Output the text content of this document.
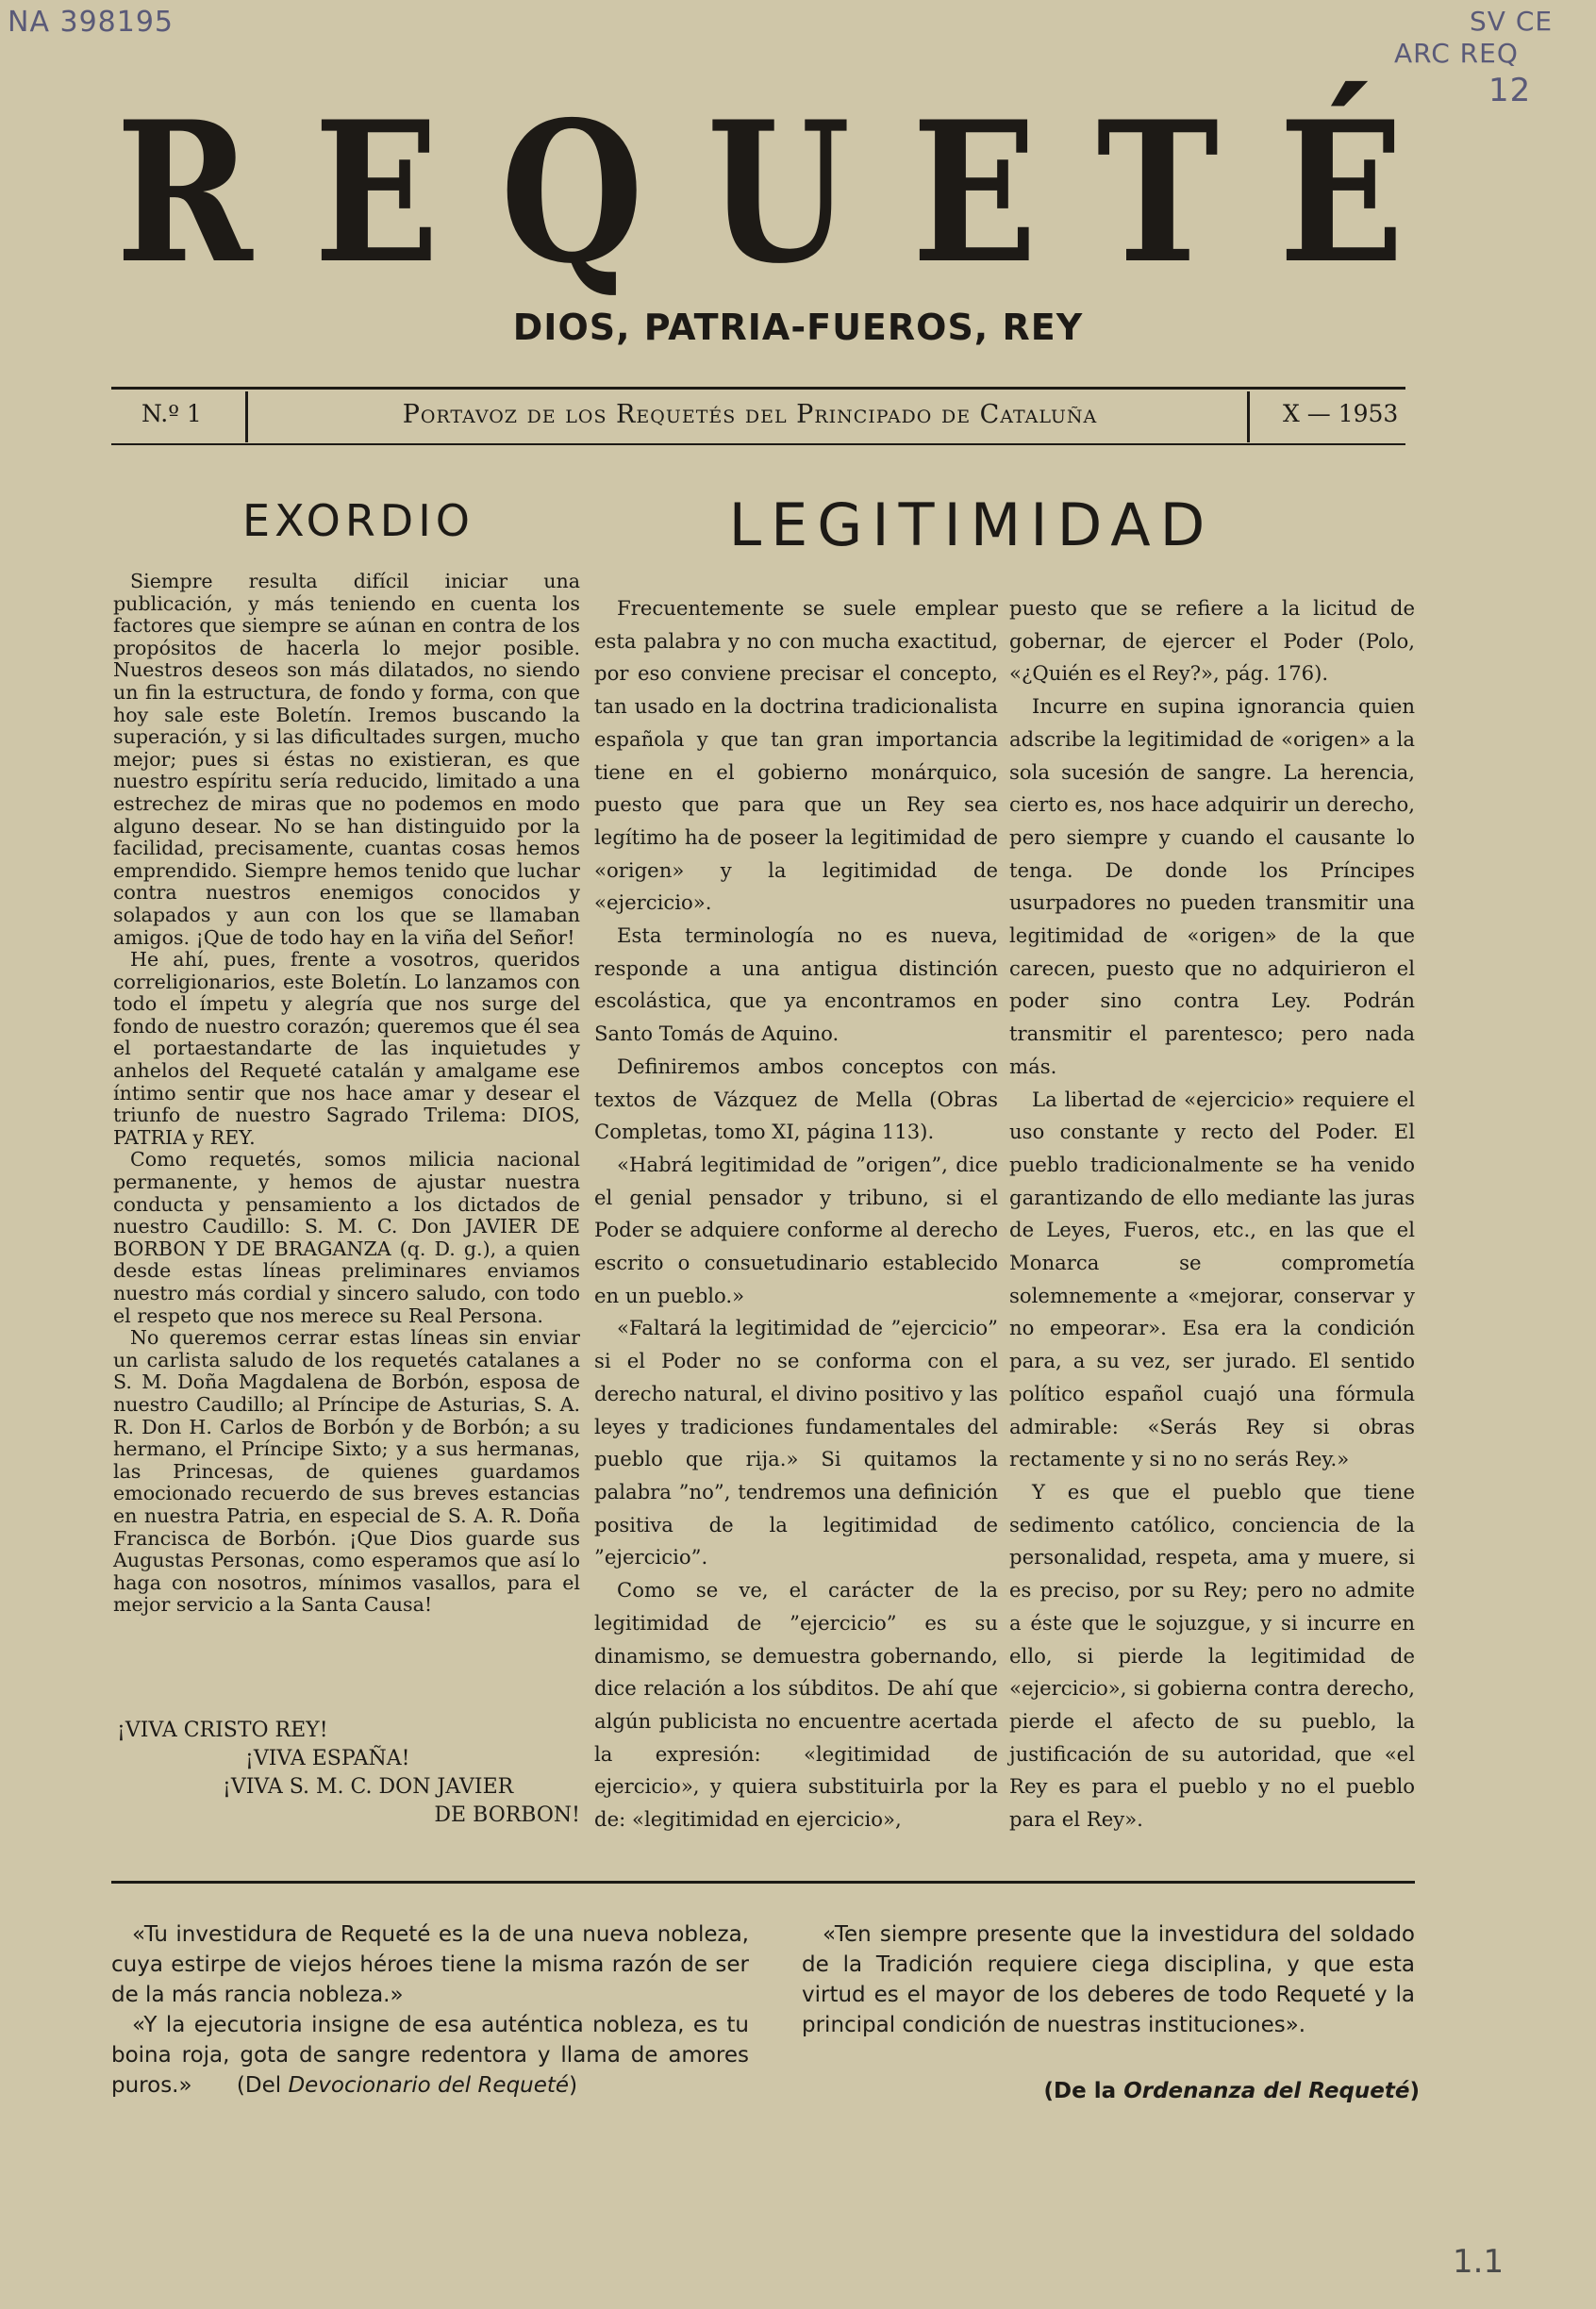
NA 398195	SV CE
ARC REQ
12
R E Q U E T É
DIOS, PATRIA-FUEROS, REY
N.º 1	Portavoz de los Requetés del Principado de Cataluña	X — 1953
EXORDIO	LEGITIMIDAD

Siempre resulta difícil iniciar una publicación, y más teniendo en cuenta los factores que siempre se aúnan en contra de los propósitos de hacerla lo mejor posible. Nuestros deseos son más dilatados, no siendo un fin la estructura, de fondo y forma, con que hoy sale este Boletín. Iremos buscando la superación, y si las dificultades surgen, mucho mejor; pues si éstas no existieran, es que nuestro espíritu sería reducido, limitado a una estrechez de miras que no podemos en modo alguno desear. No se han distinguido por la facilidad, precisamente, cuantas cosas hemos emprendido. Siempre hemos tenido que luchar contra nuestros enemigos conocidos y solapados y aun con los que se llamaban amigos. ¡Que de todo hay en la viña del Señor!

He ahí, pues, frente a vosotros, queridos correligionarios, este Boletín. Lo lanzamos con todo el ímpetu y alegría que nos surge del fondo de nuestro corazón; queremos que él sea el portaestandarte de las inquietudes y anhelos del Requeté catalán y amalgame ese íntimo sentir que nos hace amar y desear el triunfo de nuestro Sagrado Trilema: DIOS, PATRIA y REY.

Como requetés, somos milicia nacional permanente, y hemos de ajustar nuestra conducta y pensamiento a los dictados de nuestro Caudillo: S. M. C. Don JAVIER DE BORBON Y DE BRAGANZA (q. D. g.), a quien desde estas líneas preliminares enviamos nuestro más cordial y sincero saludo, con todo el respeto que nos merece su Real Persona.

No queremos cerrar estas líneas sin enviar un carlista saludo de los requetés catalanes a S. M. Doña Magdalena de Borbón, esposa de nuestro Caudillo; al Príncipe de Asturias, S. A. R. Don H. Carlos de Borbón y de Borbón; a su hermano, el Príncipe Sixto; y a sus hermanas, las Princesas, de quienes guardamos emocionado recuerdo de sus breves estancias en nuestra Patria, en especial de S. A. R. Doña Francisca de Borbón. ¡Que Dios guarde sus Augustas Personas, como esperamos que así lo haga con nosotros, mínimos vasallos, para el mejor servicio a la Santa Causa!

¡VIVA CRISTO REY!
¡VIVA ESPAÑA!
¡VIVA S. M. C. DON JAVIER
DE BORBON!

Frecuentemente se suele emplear esta palabra y no con mucha exactitud, por eso conviene precisar el concepto, tan usado en la doctrina tradicionalista española y que tan gran importancia tiene en el gobierno monárquico, puesto que para que un Rey sea legítimo ha de poseer la legitimidad de «origen» y la legitimidad de «ejercicio».

Esta terminología no es nueva, responde a una antigua distinción escolástica, que ya encontramos en Santo Tomás de Aquino.

Definiremos ambos conceptos con textos de Vázquez de Mella (Obras Completas, tomo XI, página 113).

«Habrá legitimidad de ”origen”, dice el genial pensador y tribuno, si el Poder se adquiere conforme al derecho escrito o consuetudinario establecido en un pueblo.»

«Faltará la legitimidad de ”ejercicio” si el Poder no se conforma con el derecho natural, el divino positivo y las leyes y tradiciones fundamentales del pueblo que rija.» Si quitamos la palabra ”no”, tendremos una definición positiva de la legitimidad de ”ejercicio”.

Como se ve, el carácter de la legitimidad de ”ejercicio” es su dinamismo, se demuestra gobernando, dice relación a los súbditos. De ahí que algún publicista no encuentre acertada la expresión: «legitimidad de ejercicio», y quiera substituirla por la de: «legitimidad en ejercicio»,

puesto que se refiere a la licitud de gobernar, de ejercer el Poder (Polo, «¿Quién es el Rey?», pág. 176).

Incurre en supina ignorancia quien adscribe la legitimidad de «origen» a la sola sucesión de sangre. La herencia, cierto es, nos hace adquirir un derecho, pero siempre y cuando el causante lo tenga. De donde los Príncipes usurpadores no pueden transmitir una legitimidad de «origen» de la que carecen, puesto que no adquirieron el poder sino contra Ley. Podrán transmitir el parentesco; pero nada más.

La libertad de «ejercicio» requiere el uso constante y recto del Poder. El pueblo tradicionalmente se ha venido garantizando de ello mediante las juras de Leyes, Fueros, etc., en las que el Monarca se comprometía solemnemente a «mejorar, conservar y no empeorar». Esa era la condición para, a su vez, ser jurado. El sentido político español cuajó una fórmula admirable: «Serás Rey si obras rectamente y si no no serás Rey.»

Y es que el pueblo que tiene sedimento católico, conciencia de la personalidad, respeta, ama y muere, si es preciso, por su Rey; pero no admite a éste que le sojuzgue, y si incurre en ello, si pierde la legitimidad de «ejercicio», si gobierna contra derecho, pierde el afecto de su pueblo, la justificación de su autoridad, que «el Rey es para el pueblo y no el pueblo para el Rey».

«Tu investidura de Requeté es la de una nueva nobleza, cuya estirpe de viejos héroes tiene la misma razón de ser de la más rancia nobleza.»

«Y la ejecutoria insigne de esa auténtica nobleza, es tu boina roja, gota de sangre redentora y llama de amores puros.» (Del Devocionario del Requeté)

«Ten siempre presente que la investidura del soldado de la Tradición requiere ciega disciplina, y que esta virtud es el mayor de los deberes de todo Requeté y la principal condición de nuestras instituciones».

(De la Ordenanza del Requeté)
1.1
